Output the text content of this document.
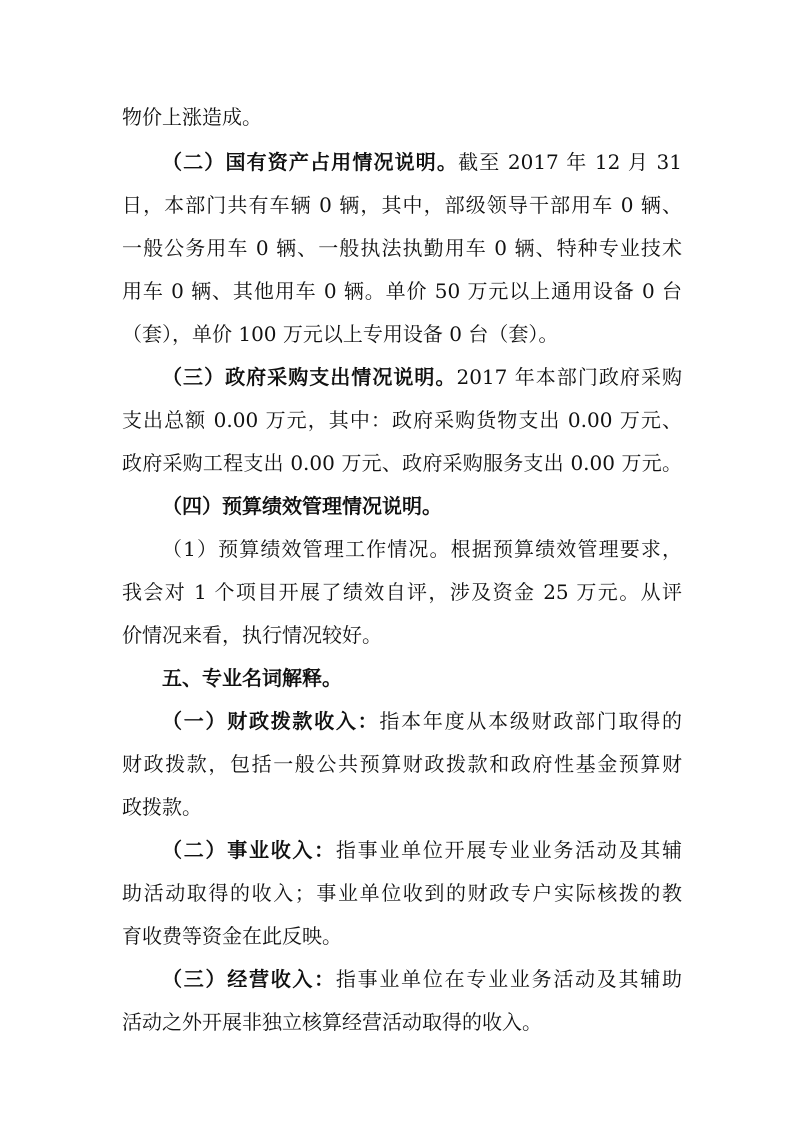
物价上涨造成。
（二）国有资产占用情况说明。截至 2017 年 12 月 31
日，本部门共有车辆 0 辆，其中，部级领导干部用车 0 辆、
一般公务用车 0 辆、一般执法执勤用车 0 辆、特种专业技术
用车 0 辆、其他用车 0 辆。单价 50 万元以上通用设备 0 台
（套），单价 100 万元以上专用设备 0 台（套）。
（三）政府采购支出情况说明。2017 年本部门政府采购
支出总额 0.00 万元，其中：政府采购货物支出 0.00 万元、
政府采购工程支出 0.00 万元、政府采购服务支出 0.00 万元。
（四）预算绩效管理情况说明。
（1）预算绩效管理工作情况。根据预算绩效管理要求，
我会对 1 个项目开展了绩效自评，涉及资金 25 万元。从评
价情况来看，执行情况较好。
五、专业名词解释。
（一）财政拨款收入：指本年度从本级财政部门取得的
财政拨款，包括一般公共预算财政拨款和政府性基金预算财
政拨款。
（二）事业收入：指事业单位开展专业业务活动及其辅
助活动取得的收入；事业单位收到的财政专户实际核拨的教
育收费等资金在此反映。
（三）经营收入：指事业单位在专业业务活动及其辅助
活动之外开展非独立核算经营活动取得的收入。
